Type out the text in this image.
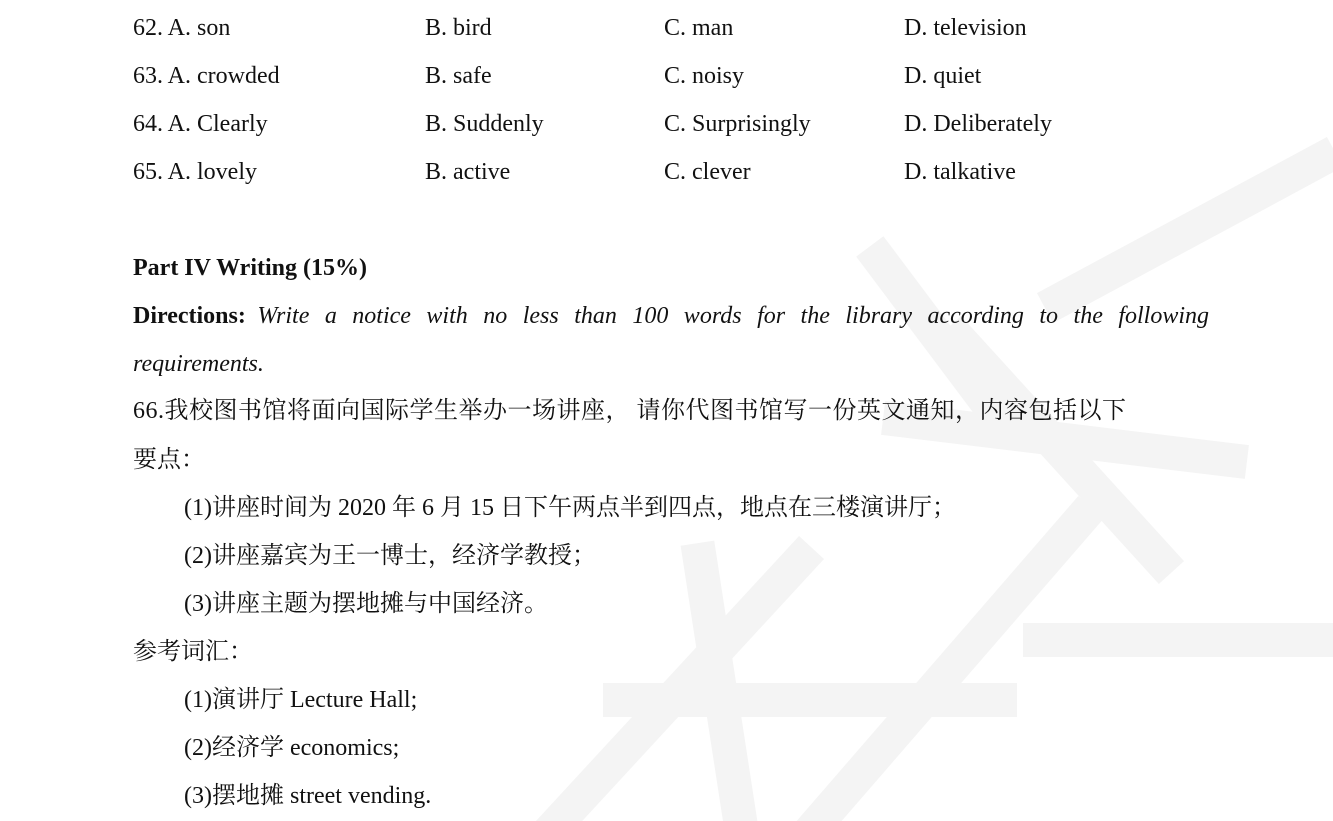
62. A. son	B. bird	C. man	D. television
63. A. crowded	B. safe	C. noisy	D. quiet
64. A. Clearly	B. Suddenly	C. Surprisingly	D. Deliberately
65. A. lovely	B. active	C. clever	D. talkative
Part IV Writing (15%)
Directions: Write a notice with no less than 100 words for the library according to the following
requirements.
66.我校图书馆将面向国际学生举办一场讲座， 请你代图书馆写一份英文通知，内容包括以下
要点：
(1)讲座时间为 2020 年 6 月 15 日下午两点半到四点，地点在三楼演讲厅；
(2)讲座嘉宾为王一博士，经济学教授；
(3)讲座主题为摆地摊与中国经济。
参考词汇：
(1)演讲厅 Lecture Hall;
(2)经济学 economics;
(3)摆地摊 street vending.
